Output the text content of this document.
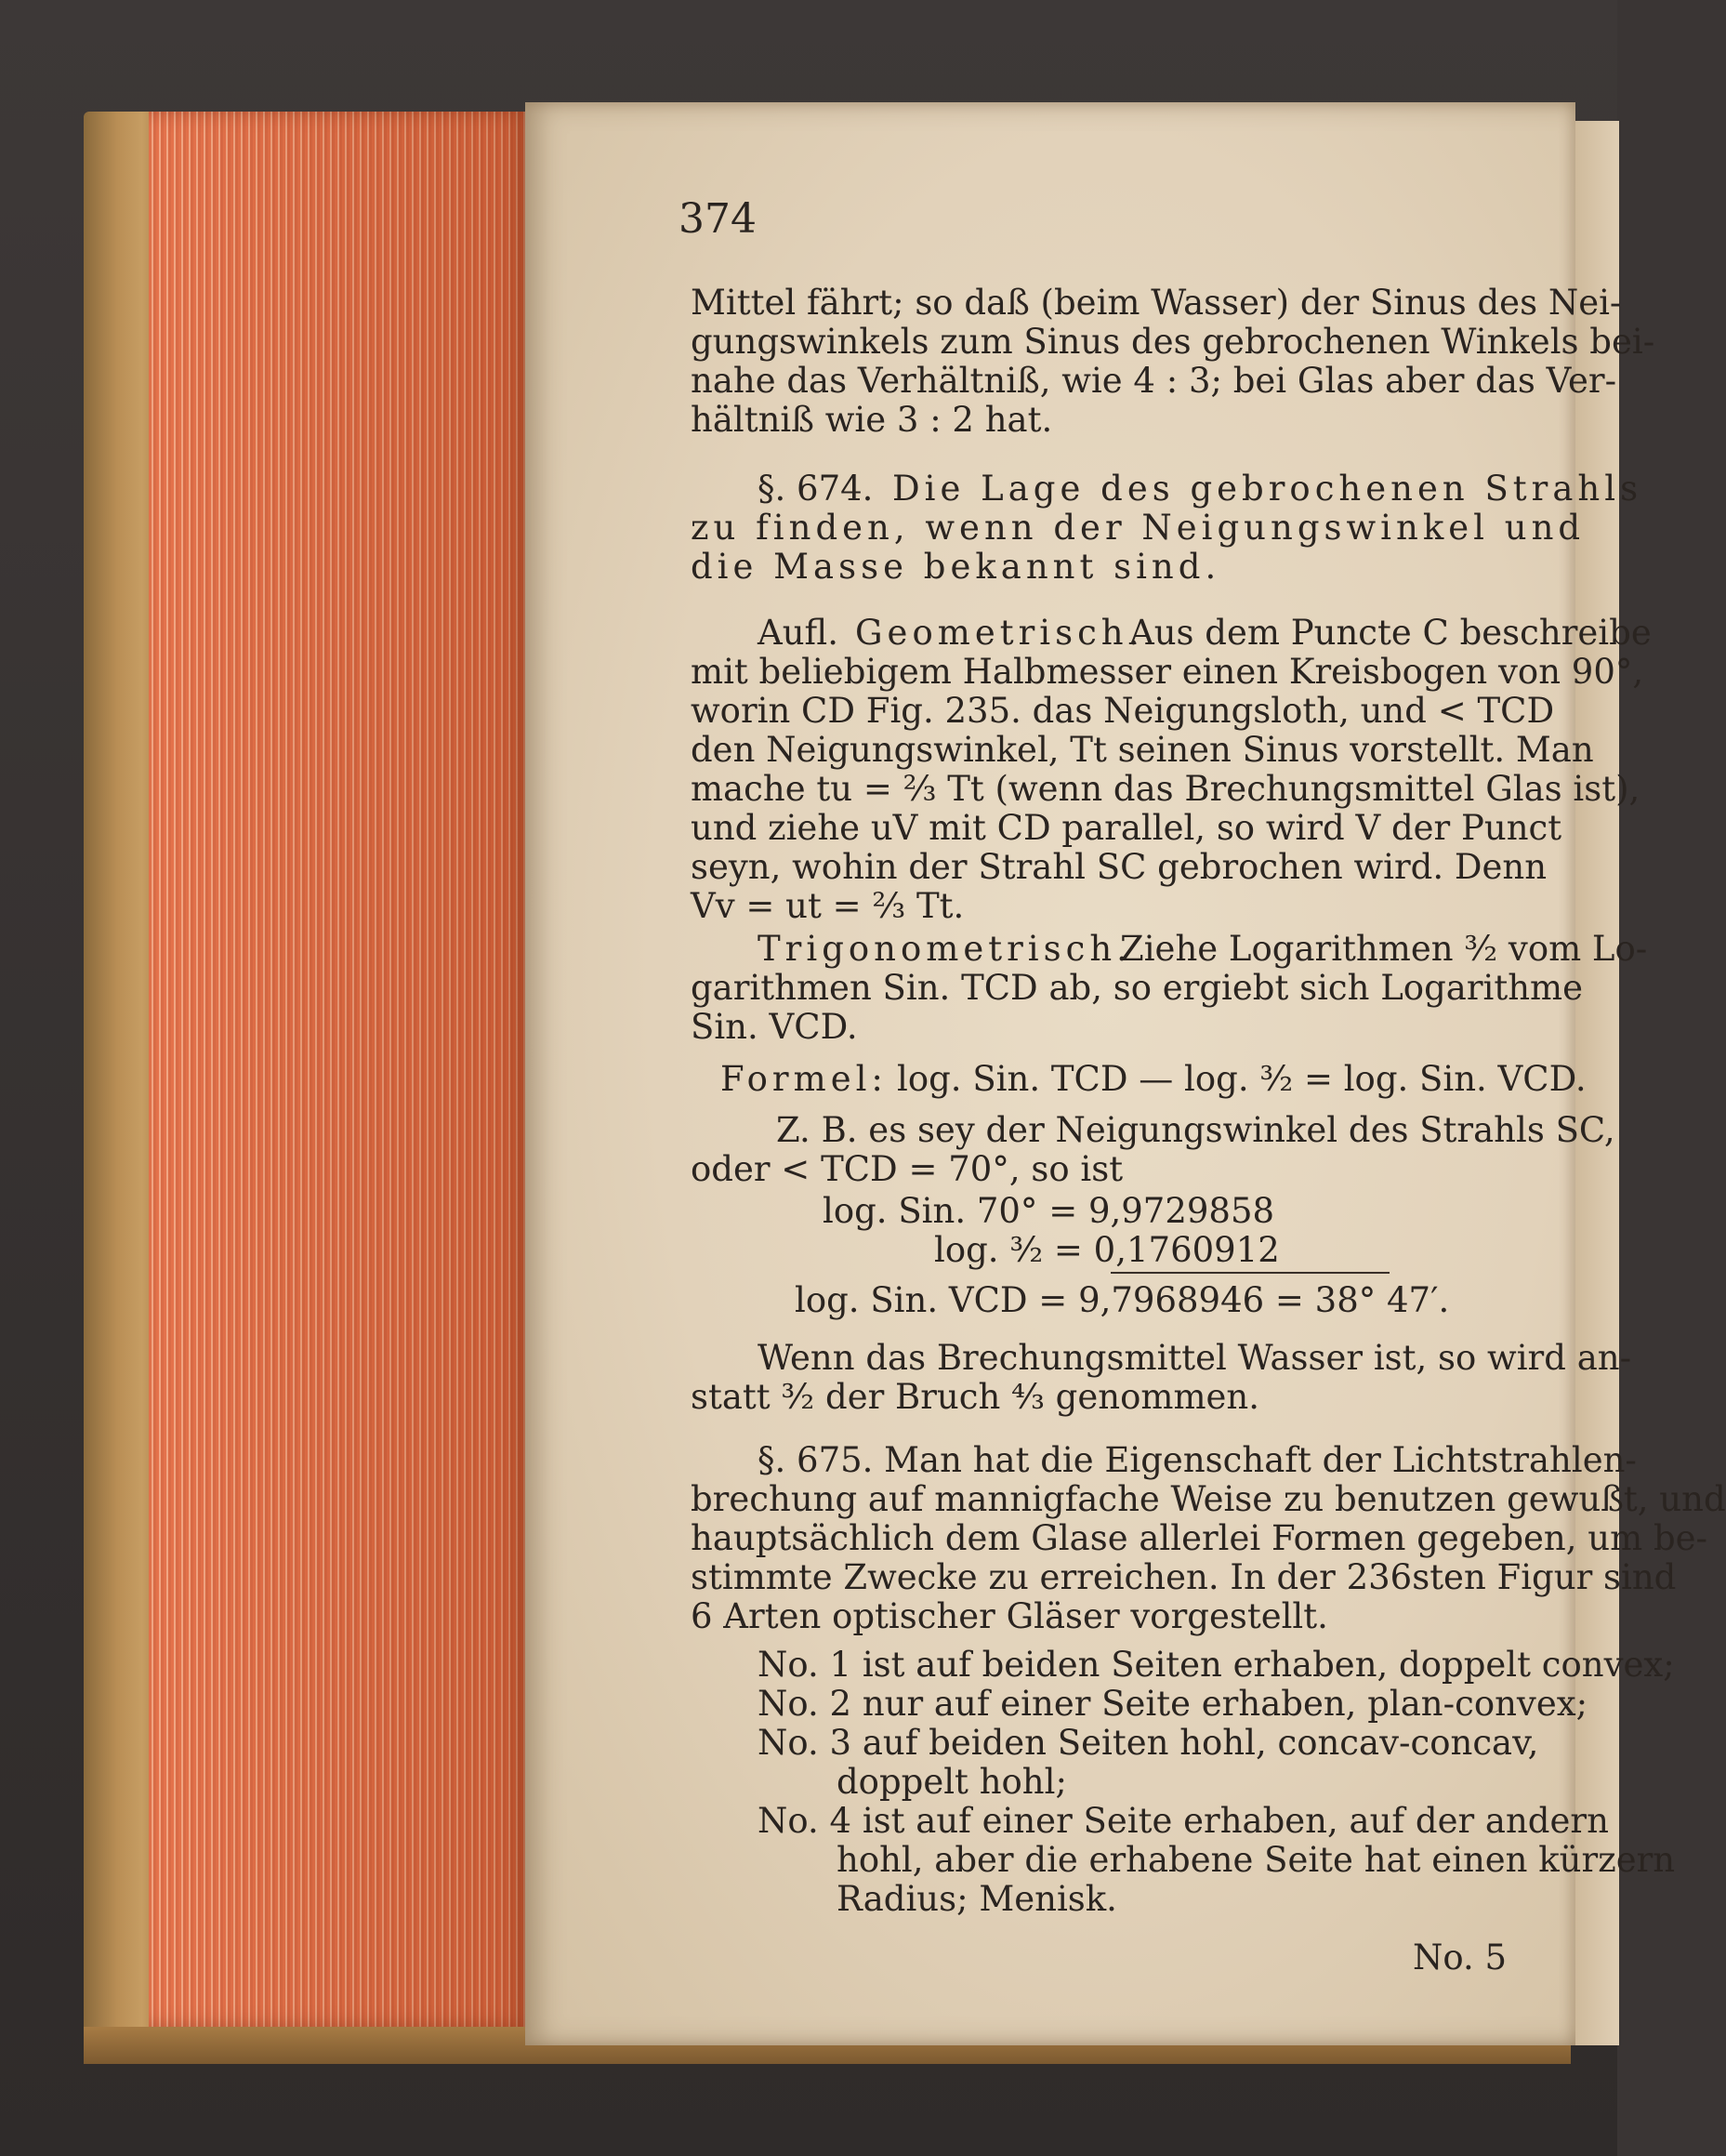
374
Mittel fährt; so daß (beim Wasser) der Sinus des Nei-
gungswinkels zum Sinus des gebrochenen Winkels bei-
nahe das Verhältniß, wie 4 : 3; bei Glas aber das Ver-
hältniß wie 3 : 2 hat.
§. 674. Die Lage des gebrochenen Strahls
zu finden, wenn der Neigungswinkel und
die Masse bekannt sind.
Aufl. Geometrisch.
Aus dem Puncte C beschreibe
mit beliebigem Halbmesser einen Kreisbogen von 90°,
worin CD Fig. 235. das Neigungsloth, und < TCD
den Neigungswinkel, Tt seinen Sinus vorstellt. Man
mache tu = ⅔ Tt (wenn das Brechungsmittel Glas ist),
und ziehe uV mit CD parallel, so wird V der Punct
seyn, wohin der Strahl SC gebrochen wird. Denn
Vv = ut = ⅔ Tt.
Trigonometrisch.
Ziehe Logarithmen ³⁄₂ vom Lo-
garithmen Sin. TCD ab, so ergiebt sich Logarithme
Sin. VCD.
Formel: log. Sin. TCD — log. ³⁄₂ = log. Sin. VCD.
Z. B. es sey der Neigungswinkel des Strahls SC,
oder < TCD = 70°, so ist
log. Sin. 70° = 9,9729858
log. ³⁄₂ = 0,1760912
log. Sin. VCD = 9,7968946 = 38° 47′.
Wenn das Brechungsmittel Wasser ist, so wird an-
statt ³⁄₂ der Bruch ⁴⁄₃ genommen.
§. 675. Man hat die Eigenschaft der Lichtstrahlen-
brechung auf mannigfache Weise zu benutzen gewußt, und
hauptsächlich dem Glase allerlei Formen gegeben, um be-
stimmte Zwecke zu erreichen. In der 236sten Figur sind
6 Arten optischer Gläser vorgestellt.
No. 1 ist auf beiden Seiten erhaben, doppelt convex;
No. 2 nur auf einer Seite erhaben, plan-convex;
No. 3 auf beiden Seiten hohl, concav-concav,
doppelt hohl;
No. 4 ist auf einer Seite erhaben, auf der andern
hohl, aber die erhabene Seite hat einen kürzern
Radius; Menisk.
No. 5
